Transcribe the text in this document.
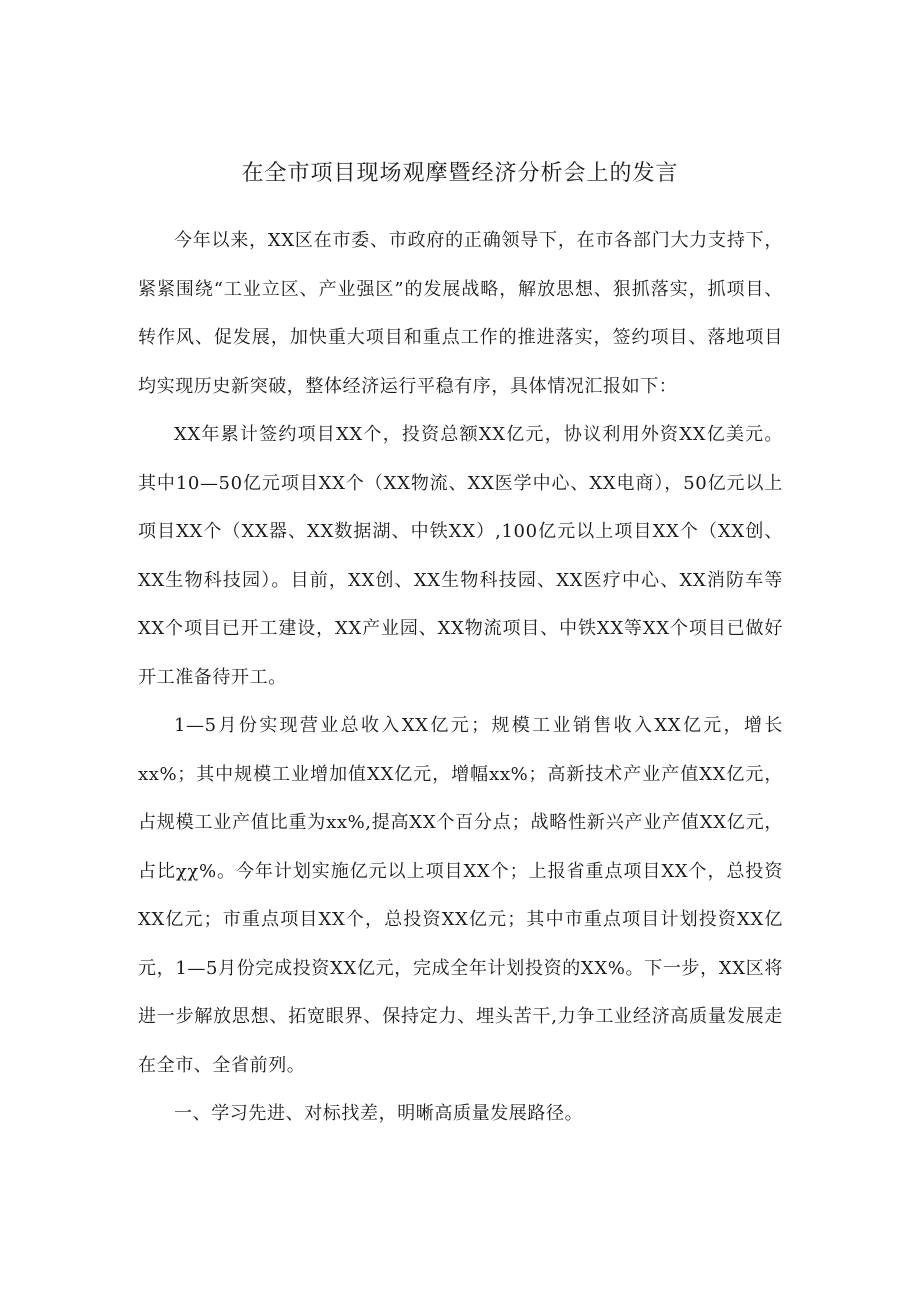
在全市项目现场观摩暨经济分析会上的发言

今年以来，XX区在市委、市政府的正确领导下，在市各部门大力支持下，紧紧围绕“工业立区、产业强区”的发展战略，解放思想、狠抓落实，抓项目、转作风、促发展，加快重大项目和重点工作的推进落实，签约项目、落地项目均实现历史新突破，整体经济运行平稳有序，具体情况汇报如下：

XX年累计签约项目XX个，投资总额XX亿元，协议利用外资XX亿美元。其中10—50亿元项目XX个（XX物流、XX医学中心、XX电商），50亿元以上项目XX个（XX器、XX数据湖、中铁XX）,100亿元以上项目XX个（XX创、XX生物科技园）。目前，XX创、XX生物科技园、XX医疗中心、XX消防车等XX个项目已开工建设，XX产业园、XX物流项目、中铁XX等XX个项目已做好开工准备待开工。

1—5月份实现营业总收入XX亿元；规模工业销售收入XX亿元，增长xx%；其中规模工业增加值XX亿元，增幅xx%；高新技术产业产值XX亿元，占规模工业产值比重为xx%,提高XX个百分点；战略性新兴产业产值XX亿元，占比χχ%。今年计划实施亿元以上项目XX个；上报省重点项目XX个，总投资XX亿元；市重点项目XX个，总投资XX亿元；其中市重点项目计划投资XX亿元，1—5月份完成投资XX亿元，完成全年计划投资的XX%。下一步，XX区将进一步解放思想、拓宽眼界、保持定力、埋头苦干,力争工业经济高质量发展走在全市、全省前列。

一、学习先进、对标找差，明晰高质量发展路径。
